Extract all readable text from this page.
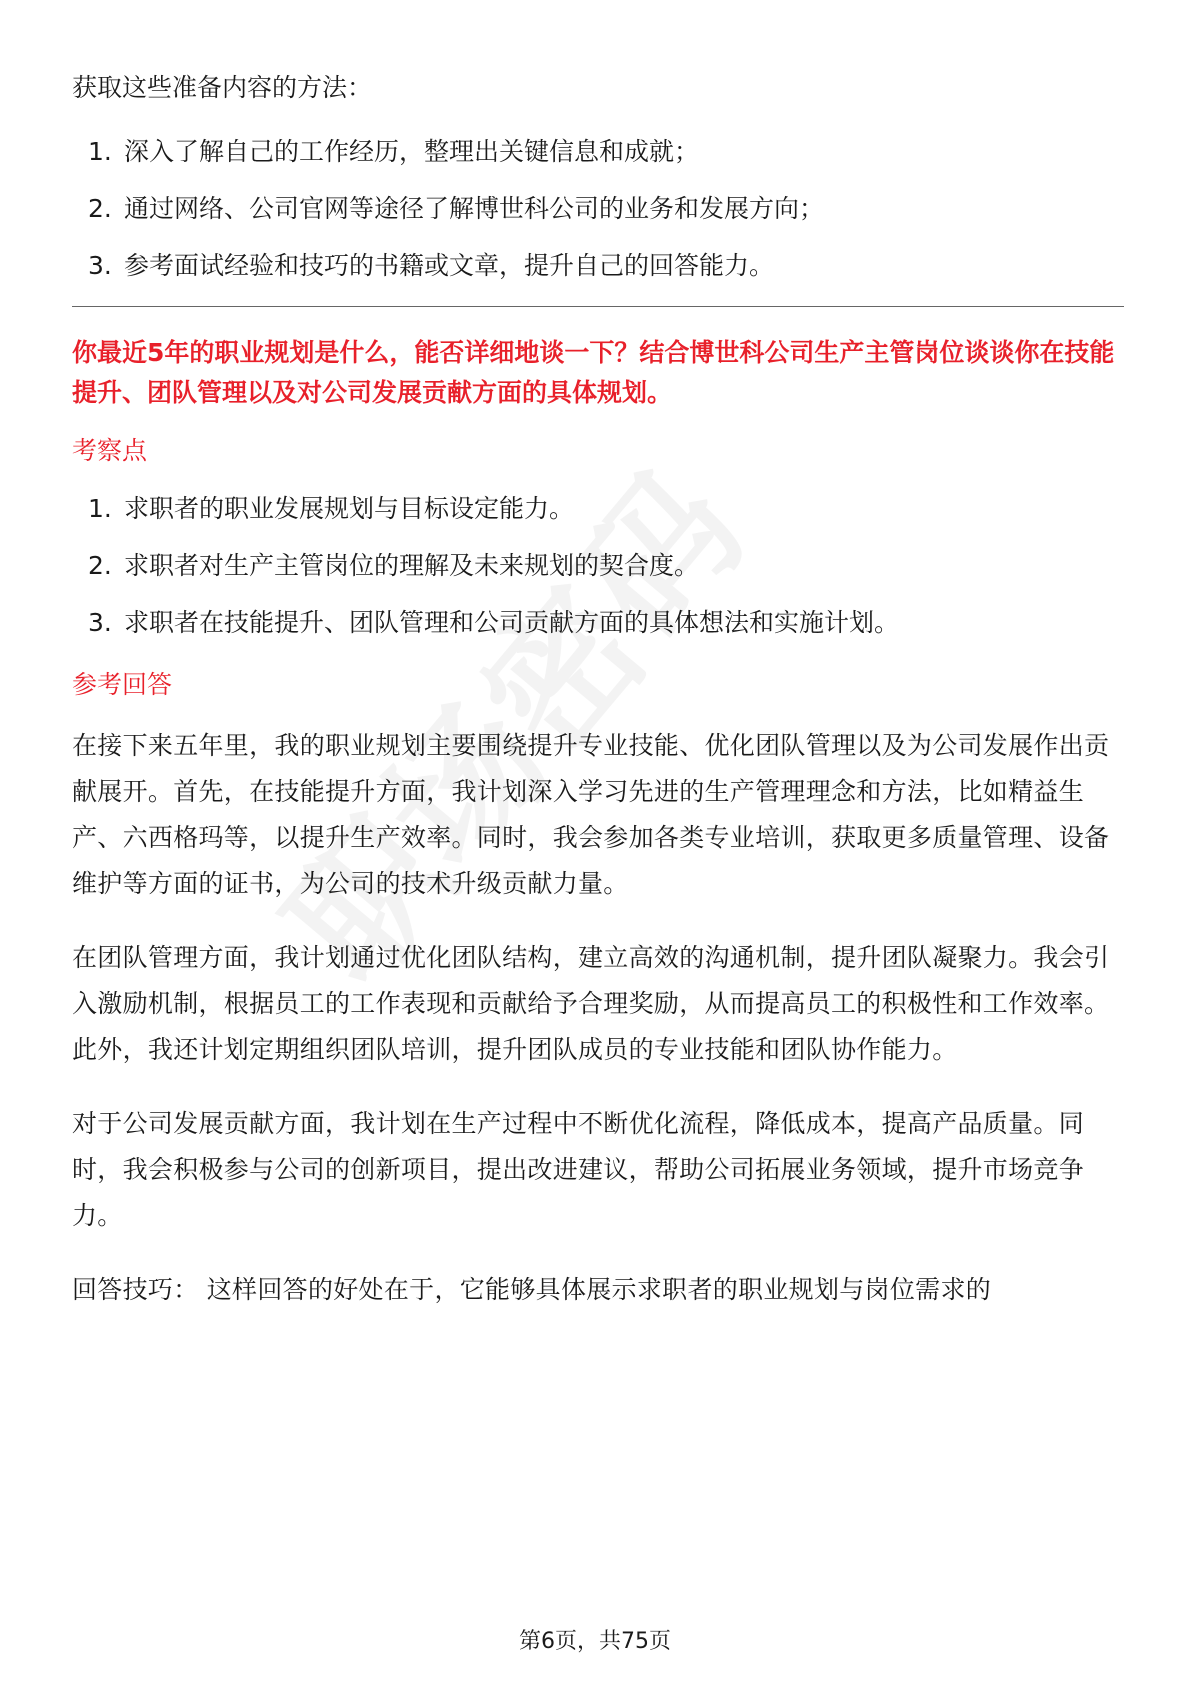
获取这些准备内容的方法：
1. 深入了解自己的工作经历，整理出关键信息和成就；
2. 通过网络、公司官网等途径了解博世科公司的业务和发展方向；
3. 参考面试经验和技巧的书籍或文章，提升自己的回答能力。
你最近5年的职业规划是什么，能否详细地谈一下？结合博世科公司生产主管岗位谈谈你在技能提升、团队管理以及对公司发展贡献方面的具体规划。
考察点
1. 求职者的职业发展规划与目标设定能力。
2. 求职者对生产主管岗位的理解及未来规划的契合度。
3. 求职者在技能提升、团队管理和公司贡献方面的具体想法和实施计划。
参考回答

在接下来五年里，我的职业规划主要围绕提升专业技能、优化团队管理以及为公司发展作出贡献展开。首先，在技能提升方面，我计划深入学习先进的生产管理理念和方法，比如精益生产、六西格玛等，以提升生产效率。同时，我会参加各类专业培训，获取更多质量管理、设备维护等方面的证书，为公司的技术升级贡献力量。

在团队管理方面，我计划通过优化团队结构，建立高效的沟通机制，提升团队凝聚力。我会引入激励机制，根据员工的工作表现和贡献给予合理奖励，从而提高员工的积极性和工作效率。此外，我还计划定期组织团队培训，提升团队成员的专业技能和团队协作能力。

对于公司发展贡献方面，我计划在生产过程中不断优化流程，降低成本，提高产品质量。同时，我会积极参与公司的创新项目，提出改进建议，帮助公司拓展业务领域，提升市场竞争力。

回答技巧： 这样回答的好处在于，它能够具体展示求职者的职业规划与岗位需求的

第6页，共75页
